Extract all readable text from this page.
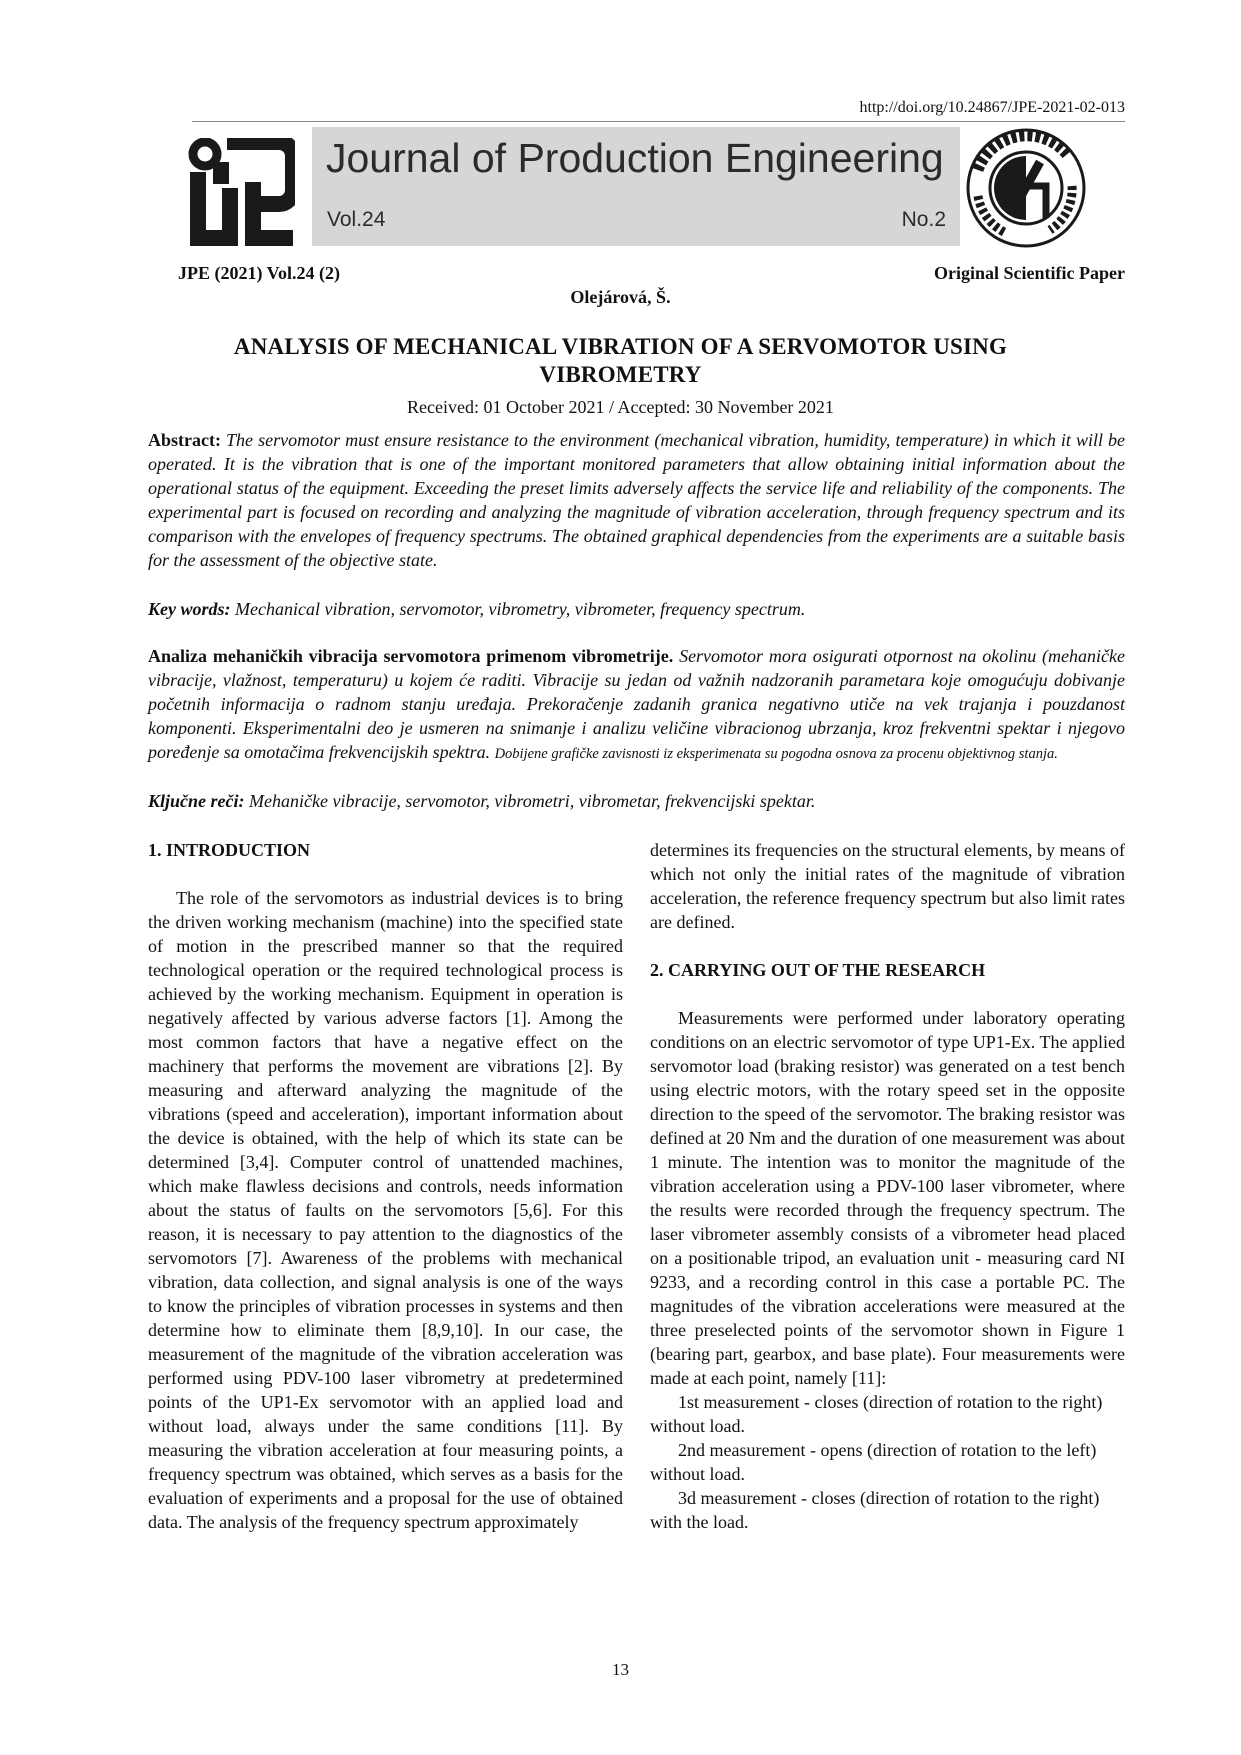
http://doi.org/10.24867/JPE-2021-02-013
Journal of Production Engineering
Vol.24	No.2
JPE (2021) Vol.24 (2)	Original Scientific Paper
Olejárová, Š.
ANALYSIS OF MECHANICAL VIBRATION OF A SERVOMOTOR USING VIBROMETRY
Received: 01 October 2021 / Accepted: 30 November 2021
Abstract: The servomotor must ensure resistance to the environment (mechanical vibration, humidity, temperature) in which it will be operated. It is the vibration that is one of the important monitored parameters that allow obtaining initial information about the operational status of the equipment. Exceeding the preset limits adversely affects the service life and reliability of the components. The experimental part is focused on recording and analyzing the magnitude of vibration acceleration, through frequency spectrum and its comparison with the envelopes of frequency spectrums. The obtained graphical dependencies from the experiments are a suitable basis for the assessment of the objective state.
Key words: Mechanical vibration, servomotor, vibrometry, vibrometer, frequency spectrum.
Analiza mehaničkih vibracija servomotora primenom vibrometrije. Servomotor mora osigurati otpornost na okolinu (mehaničke vibracije, vlažnost, temperaturu) u kojem će raditi. Vibracije su jedan od važnih nadzoranih parametara koje omogućuju dobivanje početnih informacija o radnom stanju uređaja. Prekoračenje zadanih granica negativno utiče na vek trajanja i pouzdanost komponenti. Eksperimentalni deo je usmeren na snimanje i analizu veličine vibracionog ubrzanja, kroz frekventni spektar i njegovo poređenje sa omotačima frekvencijskih spektra. Dobijene grafičke zavisnosti iz eksperimenata su pogodna osnova za procenu objektivnog stanja.
Ključne reči: Mehaničke vibracije, servomotor, vibrometri, vibrometar, frekvencijski spektar.

1. INTRODUCTION

The role of the servomotors as industrial devices is to bring the driven working mechanism (machine) into the specified state of motion in the prescribed manner so that the required technological operation or the required technological process is achieved by the working mechanism. Equipment in operation is negatively affected by various adverse factors [1]. Among the most common factors that have a negative effect on the machinery that performs the movement are vibrations [2]. By measuring and afterward analyzing the magnitude of the vibrations (speed and acceleration), important information about the device is obtained, with the help of which its state can be determined [3,4]. Computer control of unattended machines, which make flawless decisions and controls, needs information about the status of faults on the servomotors [5,6]. For this reason, it is necessary to pay attention to the diagnostics of the servomotors [7]. Awareness of the problems with mechanical vibration, data collection, and signal analysis is one of the ways to know the principles of vibration processes in systems and then determine how to eliminate them [8,9,10]. In our case, the measurement of the magnitude of the vibration acceleration was performed using PDV-100 laser vibrometry at predetermined points of the UP1-Ex servomotor with an applied load and without load, always under the same conditions [11]. By measuring the vibration acceleration at four measuring points, a frequency spectrum was obtained, which serves as a basis for the evaluation of experiments and a proposal for the use of obtained data. The analysis of the frequency spectrum approximately

determines its frequencies on the structural elements, by means of which not only the initial rates of the magnitude of vibration acceleration, the reference frequency spectrum but also limit rates are defined.

2. CARRYING OUT OF THE RESEARCH

Measurements were performed under laboratory operating conditions on an electric servomotor of type UP1-Ex. The applied servomotor load (braking resistor) was generated on a test bench using electric motors, with the rotary speed set in the opposite direction to the speed of the servomotor. The braking resistor was defined at 20 Nm and the duration of one measurement was about 1 minute. The intention was to monitor the magnitude of the vibration acceleration using a PDV-100 laser vibrometer, where the results were recorded through the frequency spectrum. The laser vibrometer assembly consists of a vibrometer head placed on a positionable tripod, an evaluation unit - measuring card NI 9233, and a recording control in this case a portable PC. The magnitudes of the vibration accelerations were measured at the three preselected points of the servomotor shown in Figure 1 (bearing part, gearbox, and base plate). Four measurements were made at each point, namely [11]:

1st measurement - closes (direction of rotation to the right) without load.

2nd measurement - opens (direction of rotation to the left) without load.

3d measurement - closes (direction of rotation to the right) with the load.

13
